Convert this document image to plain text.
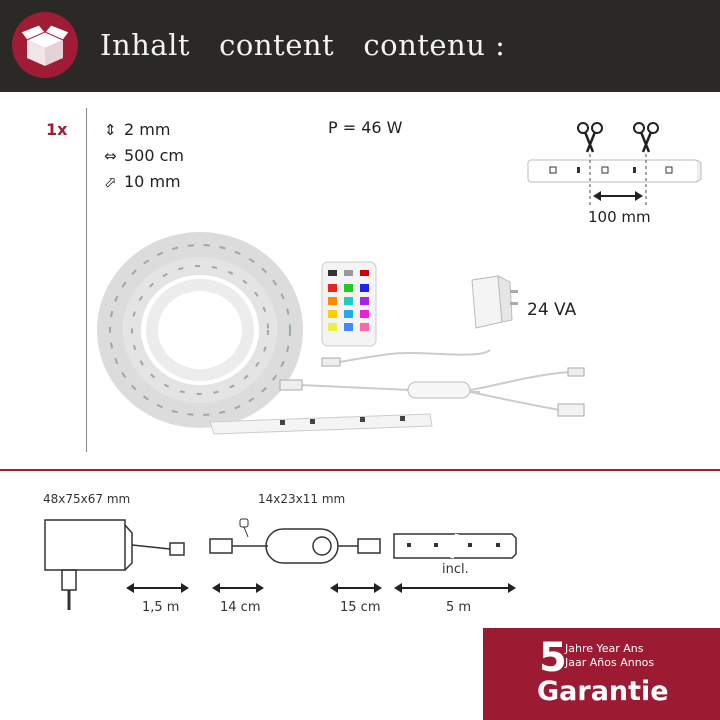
Inhalt   content   contenu :
1x ⇕ 2 mm
⇔ 500 cm
⬀ 10 mm
P = 46 W
100 mm
24 VA
48x75x67 mm	14x23x11 mm
incl.
1,5 m	14 cm	15 cm	5 m
5
Jahre Year Ans
Jaar Años Annos
Garantie
